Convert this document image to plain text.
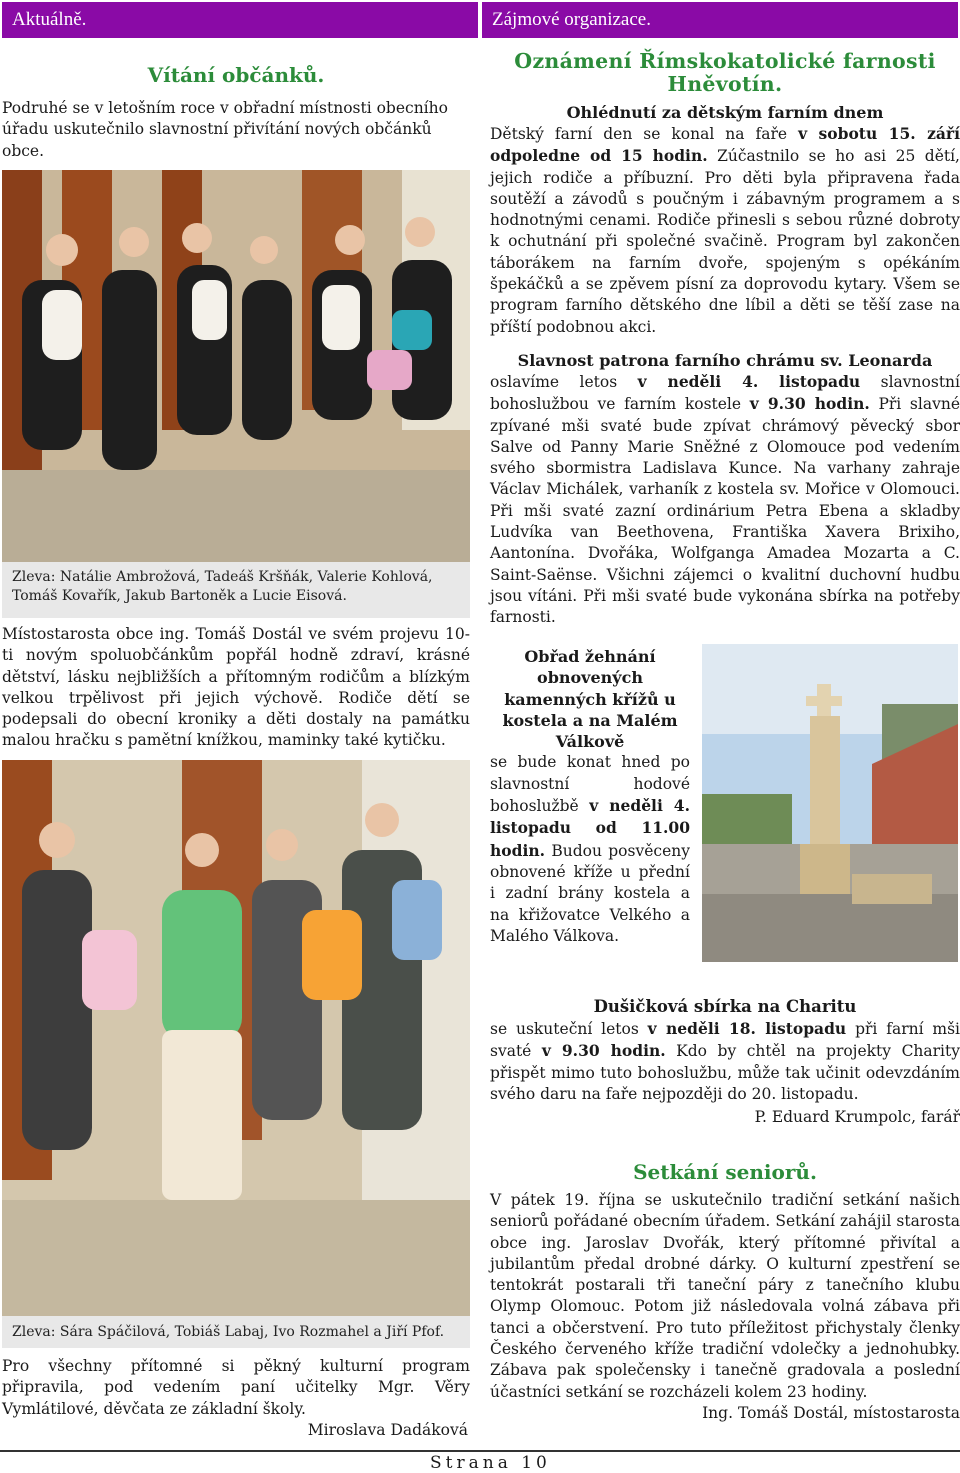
Aktuálně.	Zájmové organizace.
Vítání občánků.

Podruhé se v letošním roce v obřadní místnosti obecního úřadu uskutečnilo slavnostní přivítání nových občánků obce.

Zleva: Natálie Ambrožová, Tadeáš Kršňák, Valerie Kohlová, Tomáš Kovařík, Jakub Bartoněk a Lucie Eisová.

Místostarosta obce ing. Tomáš Dostál ve svém projevu 10-ti novým spoluobčánkům popřál hodně zdraví, krásné dětství, lásku nejbližších a přítomným rodičům a blízkým velkou trpělivost při jejich výchově. Rodiče dětí se podepsali do obecní kroniky a děti dostaly na památku malou hračku s pamětní knížkou, maminky také kytičku.

Zleva: Sára Spáčilová, Tobiáš Labaj, Ivo Rozmahel a Jiří Pfof.

Pro všechny přítomné si pěkný kulturní program připravila, pod vedením paní učitelky Mgr. Věry Vymlátilové, děvčata ze základní školy.

Miroslava Dadáková

Oznámení Římskokatolické farnosti Hněvotín.
Ohlédnutí za dětským farním dnem

Dětský farní den se konal na faře v sobotu 15. září odpoledne od 15 hodin. Zúčastnilo se ho asi 25 dětí, jejich rodiče a příbuzní. Pro děti byla připravena řada soutěží a závodů s poučným i zábavným programem a s hodnotnými cenami. Rodiče přinesli s sebou různé dobroty k ochutnání při společné svačině. Program byl zakončen táborákem na farním dvoře, spojeným s opékáním špekáčků a se zpěvem písní za doprovodu kytary. Všem se program farního dětského dne líbil a děti se těší zase na příští podobnou akci.

Slavnost patrona farního chrámu sv. Leonarda

oslavíme letos v neděli 4. listopadu slavnostní bohoslužbou ve farním kostele v 9.30 hodin. Při slavné zpívané mši svaté bude zpívat chrámový pěvecký sbor Salve od Panny Marie Sněžné z Olomouce pod vedením svého sbormistra Ladislava Kunce. Na varhany zahraje Václav Michálek, varhaník z kostela sv. Mořice v Olomouci. Při mši svaté zazní ordinárium Petra Ebena a skladby Ludvíka van Beethovena, Františka Xavera Brixiho, Aantonína. Dvořáka, Wolfganga Amadea Mozarta a C. Saint-Saënse. Všichni zájemci o kvalitní duchovní hudbu jsou vítáni. Při mši svaté bude vykonána sbírka na potřeby farnosti.

Obřad žehnání obnovených kamenných křížů u kostela a na Malém Válkově

se bude konat hned po slavnostní hodové bohoslužbě v neděli 4. listopadu od 11.00 hodin. Budou posvěceny obnovené kříže u přední i zadní brány kostela a na křižovatce Velkého a Malého Válkova.

Dušičková sbírka na Charitu

se uskuteční letos v neděli 18. listopadu při farní mši svaté v 9.30 hodin. Kdo by chtěl na projekty Charity přispět mimo tuto bohoslužbu, může tak učinit odevzdáním svého daru na faře nejpozději do 20. listopadu.

P. Eduard Krumpolc, farář

Setkání seniorů.

V pátek 19. října se uskutečnilo tradiční setkání našich seniorů pořádané obecním úřadem. Setkání zahájil starosta obce ing. Jaroslav Dvořák, který přítomné přivítal a jubilantům předal drobné dárky. O kulturní zpestření se tentokrát postarali tři taneční páry z tanečního klubu Olymp Olomouc. Potom již následovala volná zábava při tanci a občerstvení. Pro tuto příležitost přichystaly členky Českého červeného kříže tradiční vdolečky a jednohubky. Zábava pak společensky i tanečně gradovala a poslední účastníci setkání se rozcházeli kolem 23 hodiny.

Ing. Tomáš Dostál, místostarosta

Strana 10
